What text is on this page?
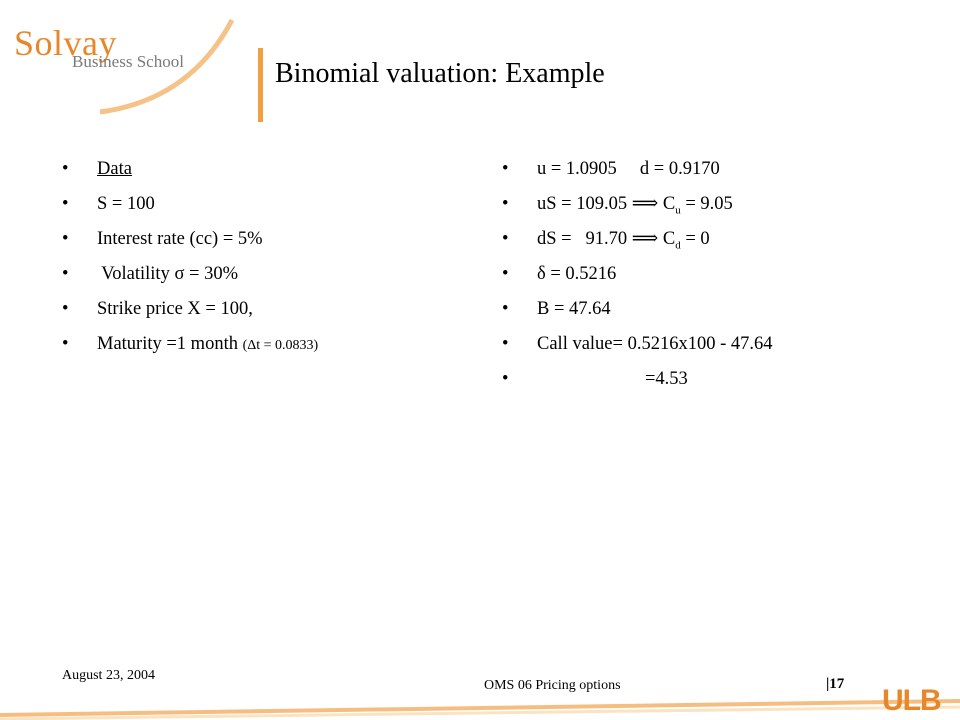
Solvay
Business School	Binomial valuation: Example
• Data
• S = 100
• Interest rate (cc) = 5%
• Volatility σ = 30%
• Strike price X = 100,
• Maturity =1 month (Δt = 0.0833)
• u = 1.0905     d = 0.9170
• uS = 109.05 ⟹ $C_u = 9.05$
• dS =   91.70 ⟹ $C_d = 0$
• δ = 0.5216
• B = 47.64
• Call value= 0.5216x100 - 47.64
•	=4.53
August 23, 2004
OMS 06 Pricing options	|17 ULB
